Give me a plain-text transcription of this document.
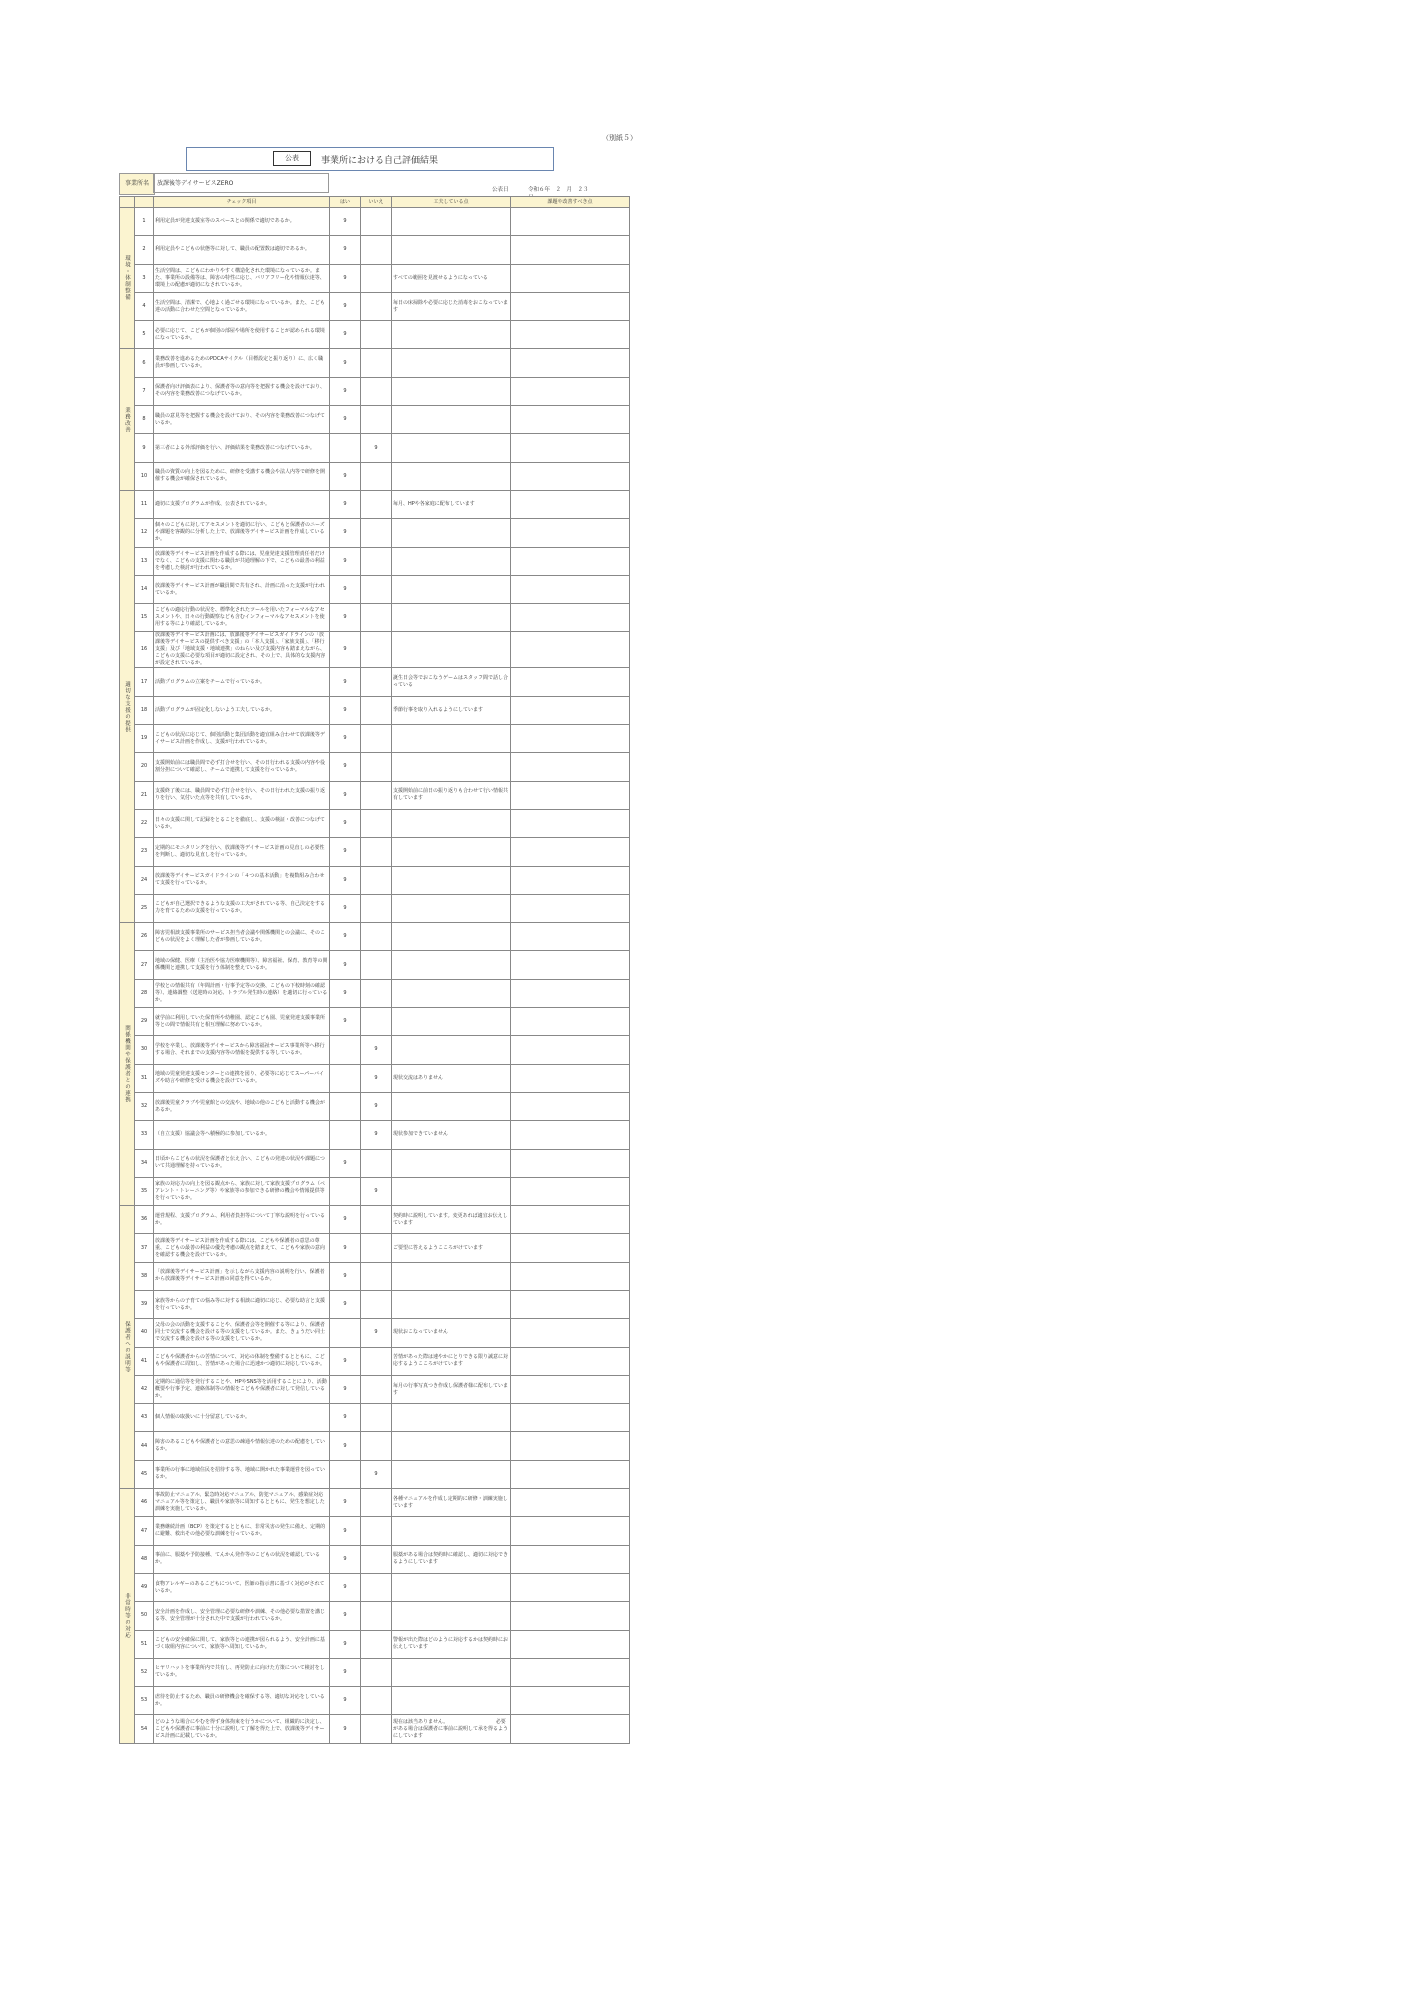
（別紙５）
公表	事業所における自己評価結果
事業所名	放課後等デイサービスZERO
公表日	令和６年　２　月　２３　
		チェック項目	はい	いいえ	工夫している点	課題や改善すべき点
環境・体制整備	1	利用定員が発達支援室等のスペースとの関係で適切であるか。	9			
	2	利用定員やこどもの状態等に対して、職員の配置数は適切であるか。	9			
	3	生活空間は、こどもにわかりやすく構造化された環境になっているか。また、事業所の設備等は、障害の特性に応じ、バリアフリー化や情報伝達等、環境上の配慮が適切になされているか。	9		すべての範囲を見渡せるようになっている	
	4	生活空間は、清潔で、心地よく過ごせる環境になっているか。また、こども達の活動に合わせた空間となっているか。	9		毎日の床掃除や必要に応じた消毒をおこなっています	
	5	必要に応じて、こどもが個別の部屋や場所を使用することが認められる環境になっているか。	9			
業務改善	6	業務改善を進めるためのPDCAサイクル（目標設定と振り返り）に、広く職員が参画しているか。	9			
	7	保護者向け評価表により、保護者等の意向等を把握する機会を設けており、その内容を業務改善につなげているか。	9			
	8	職員の意見等を把握する機会を設けており、その内容を業務改善につなげているか。	9			
	9	第三者による外部評価を行い、評価結果を業務改善につなげているか。		9		
	10	職員の資質の向上を図るために、研修を受講する機会や法人内等で研修を開催する機会が確保されているか。	9			
適切な支援の提供	11	適切に支援プログラムが作成、公表されているか。	9		毎月、HPや各家庭に配布しています	
	12	個々のこどもに対してアセスメントを適切に行い、こどもと保護者のニーズや課題を客観的に分析した上で、放課後等デイサービス計画を作成しているか。	9			
	13	放課後等デイサービス計画を作成する際には、児童発達支援管理責任者だけでなく、こどもの支援に関わる職員が共通理解の下で、こどもの最善の利益を考慮した検討が行われているか。	9			
	14	放課後等デイサービス計画が職員間で共有され、計画に沿った支援が行われているか。	9			
	15	こどもの適応行動の状況を、標準化されたツールを用いたフォーマルなアセスメントや、日々の行動観察なども含むインフォーマルなアセスメントを使用する等により確認しているか。	9			
	16	放課後等デイサービス計画には、放課後等デイサービスガイドラインの「放課後等デイサービスの提供すべき支援」の「本人支援」、「家族支援」、「移行支援」及び「地域支援・地域連携」のねらい及び支援内容も踏まえながら、こどもの支援に必要な項目が適切に設定され、その上で、具体的な支援内容が設定されているか。	9			
	17	活動プログラムの立案をチームで行っているか。	9		誕生日会等でおこなうゲームはスタッフ間で話し合っている	
	18	活動プログラムが固定化しないよう工夫しているか。	9		季節行事を取り入れるようにしています	
	19	こどもの状況に応じて、個別活動と集団活動を適宜組み合わせて放課後等デイサービス計画を作成し、支援が行われているか。	9			
	20	支援開始前には職員間で必ず打合せを行い、その日行われる支援の内容や役割分担について確認し、チームで連携して支援を行っているか。	9			
	21	支援終了後には、職員間で必ず打合せを行い、その日行われた支援の振り返りを行い、気付いた点等を共有しているか。	9		支援開始前に前日の振り返りも合わせて行い情報共有しています	
	22	日々の支援に関して記録をとることを徹底し、支援の検証・改善につなげているか。	9			
	23	定期的にモニタリングを行い、放課後等デイサービス計画の見直しの必要性を判断し、適切な見直しを行っているか。	9			
	24	放課後等デイサービスガイドラインの「４つの基本活動」を複数組み合わせて支援を行っているか。	9			
	25	こどもが自己選択できるような支援の工夫がされている等、自己決定をする力を育てるための支援を行っているか。	9			
関係機関や保護者との連携	26	障害児相談支援事業所のサービス担当者会議や関係機関との会議に、そのこどもの状況をよく理解した者が参画しているか。	9			
	27	地域の保健、医療（主治医や協力医療機関等）、障害福祉、保育、教育等の関係機関と連携して支援を行う体制を整えているか。	9			
	28	学校との情報共有（年間計画・行事予定等の交換、こどもの下校時刻の確認等）、連絡調整（送迎時の対応、トラブル発生時の連絡）を適切に行っているか。	9			
	29	就学前に利用していた保育所や幼稚園、認定こども園、児童発達支援事業所等との間で情報共有と相互理解に努めているか。	9			
	30	学校を卒業し、放課後等デイサービスから障害福祉サービス事業所等へ移行する場合、それまでの支援内容等の情報を提供する等しているか。		9		
	31	地域の児童発達支援センターとの連携を図り、必要等に応じてスーパーバイズや助言や研修を受ける機会を設けているか。		9	現状交流はありません	
	32	放課後児童クラブや児童館との交流や、地域の他のこどもと活動する機会があるか。		9		
	33	（自立支援）協議会等へ積極的に参加しているか。		9	現状参加できていません	
	34	日頃からこどもの状況を保護者と伝え合い、こどもの発達の状況や課題について共通理解を持っているか。	9			
	35	家族の対応力の向上を図る観点から、家族に対して家族支援プログラム（ペアレント・トレーニング等）や家族等の参加できる研修の機会や情報提供等を行っているか。		9		
保護者への説明等	36	運営規程、支援プログラム、利用者負担等について丁寧な説明を行っているか。	9		契約時に説明しています。変更あれば適宜お伝えしています	
	37	放課後等デイサービス計画を作成する際には、こどもや保護者の意思の尊重、こどもの最善の利益の優先考慮の観点を踏まえて、こどもや家族の意向を確認する機会を設けているか。	9		ご要望に答えるようこころがけています	
	38	「放課後等デイサービス計画」を示しながら支援内容の説明を行い、保護者から放課後等デイサービス計画の同意を得ているか。	9			
	39	家族等からの子育ての悩み等に対する相談に適切に応じ、必要な助言と支援を行っているか。	9			
	40	父母の会の活動を支援することや、保護者会等を開催する等により、保護者同士で交流する機会を設ける等の支援をしているか。また、きょうだい同士で交流する機会を設ける等の支援をしているか。		9	現状おこなっていません	
	41	こどもや保護者からの苦情について、対応の体制を整備するとともに、こどもや保護者に周知し、苦情があった場合に迅速かつ適切に対応しているか。	9		苦情があった際は速やかにとりできる限り誠意に対応するようこころがけています	
	42	定期的に通信等を発行することや、HPやSNS等を活用することにより、活動概要や行事予定、連絡体制等の情報をこどもや保護者に対して発信しているか。	9		毎月の行事写真つき作成し保護者様に配布しています	
	43	個人情報の取扱いに十分留意しているか。	9			
	44	障害のあるこどもや保護者との意思の疎通や情報伝達のための配慮をしているか。	9			
	45	事業所の行事に地域住民を招待する等、地域に開かれた事業運営を図っているか。		9		
非常時等の対応	46	事故防止マニュアル、緊急時対応マニュアル、防犯マニュアル、感染症対応マニュアル等を策定し、職員や家族等に周知するとともに、発生を想定した訓練を実施しているか。	9		各種マニュアルを作成し定期的に研修・訓練実施しています	
	47	業務継続計画（BCP）を策定するとともに、非常災害の発生に備え、定期的に避難、救出その他必要な訓練を行っているか。	9			
	48	事前に、服薬や予防接種、てんかん発作等のこどもの状況を確認しているか。	9		服薬がある場合は契約時に確認し、適切に対応できるようにしています	
	49	食物アレルギーのあるこどもについて、医師の指示書に基づく対応がされているか。	9			
	50	安全計画を作成し、安全管理に必要な研修や訓練、その他必要な措置を講じる等、安全管理が十分された中で支援が行われているか。	9			
	51	こどもの安全確保に関して、家族等との連携が図られるよう、安全計画に基づく取組内容について、家族等へ周知しているか。	9		警報が出た際はどのように対応するかは契約時にお伝えしています	
	52	ヒヤリハットを事業所内で共有し、再発防止に向けた方策について検討をしているか。	9			
	53	虐待を防止するため、職員の研修機会を確保する等、適切な対応をしているか。	9			
	54	どのような場合にやむを得ず身体拘束を行うかについて、組織的に決定し、こどもや保護者に事前に十分に説明して了解を得た上で、放課後等デイサービス計画に記載しているか。	9		現在は該当ありません。　　　　　　　　　　必要がある場合は保護者に事前に説明して承を得るようにしています	
